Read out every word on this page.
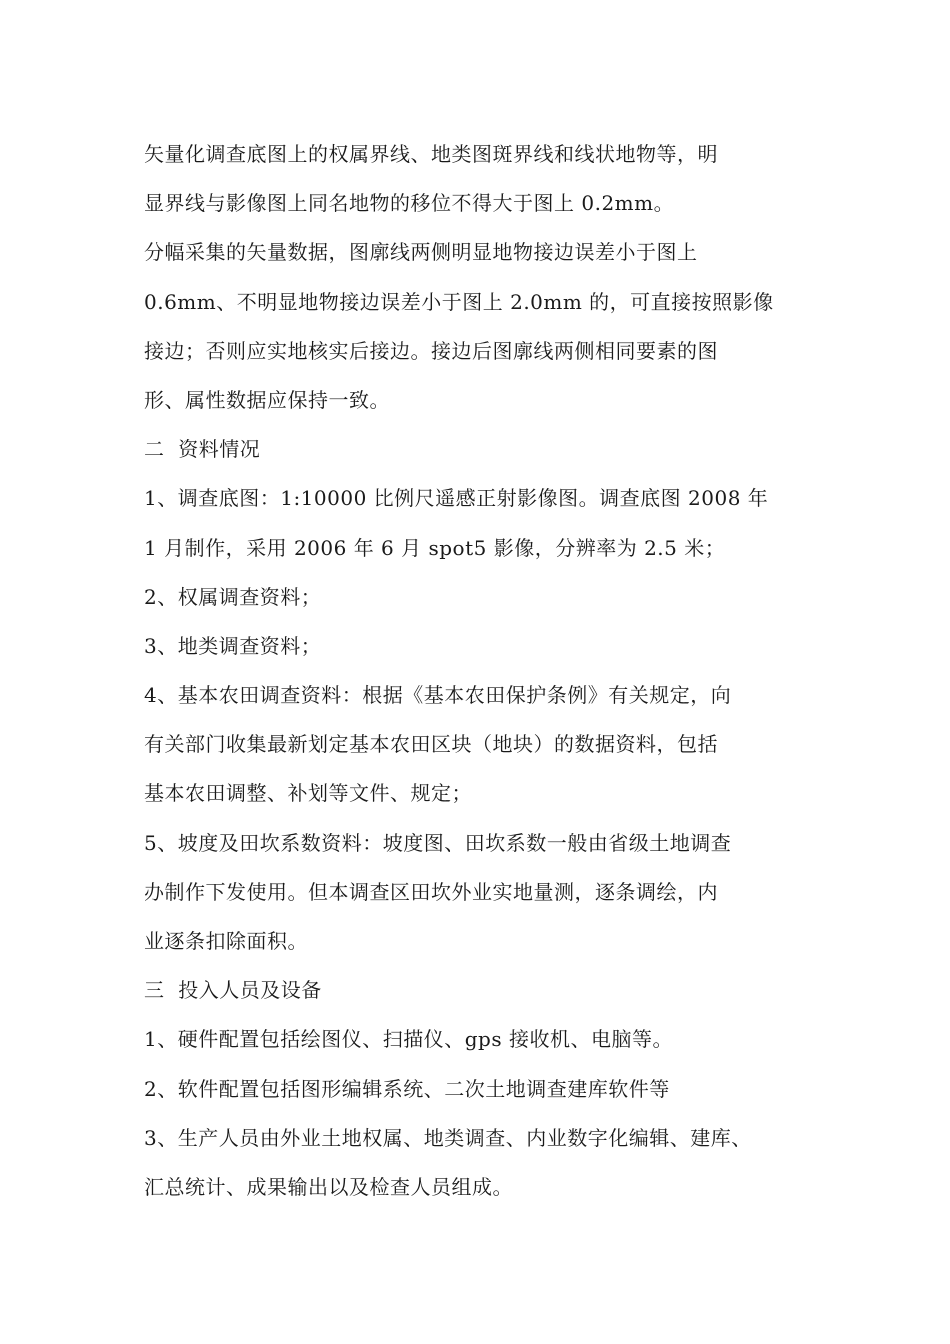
矢量化调查底图上的权属界线、地类图斑界线和线状地物等，明
显界线与影像图上同名地物的移位不得大于图上 0.2mm。
分幅采集的矢量数据，图廓线两侧明显地物接边误差小于图上
0.6mm、不明显地物接边误差小于图上 2.0mm 的，可直接按照影像
接边；否则应实地核实后接边。接边后图廓线两侧相同要素的图
形、属性数据应保持一致。
二  资料情况
1、调查底图：1:10000 比例尺遥感正射影像图。调查底图 2008 年
1 月制作，采用 2006 年 6 月 spot5 影像，分辨率为 2.5 米；
2、权属调查资料；
3、地类调查资料；
4、基本农田调查资料：根据《基本农田保护条例》有关规定，向
有关部门收集最新划定基本农田区块（地块）的数据资料，包括
基本农田调整、补划等文件、规定；
5、坡度及田坎系数资料：坡度图、田坎系数一般由省级土地调查
办制作下发使用。但本调查区田坎外业实地量测，逐条调绘，内
业逐条扣除面积。
三  投入人员及设备
1、硬件配置包括绘图仪、扫描仪、gps 接收机、电脑等。
2、软件配置包括图形编辑系统、二次土地调查建库软件等
3、生产人员由外业土地权属、地类调查、内业数字化编辑、建库、
汇总统计、成果输出以及检查人员组成。
